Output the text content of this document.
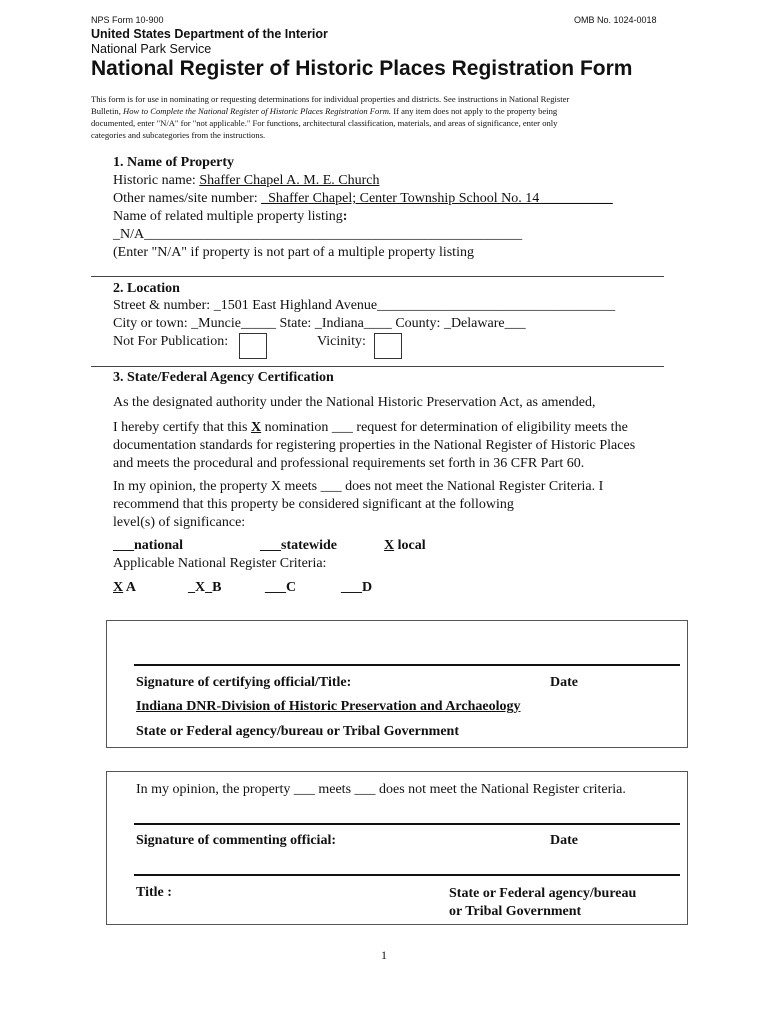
NPS Form 10-900	OMB No. 1024-0018
United States Department of the Interior
National Park Service
National Register of Historic Places Registration Form
This form is for use in nominating or requesting determinations for individual properties and districts. See instructions in National Register
Bulletin, How to Complete the National Register of Historic Places Registration Form. If any item does not apply to the property being
documented, enter "N/A" for "not applicable." For functions, architectural classification, materials, and areas of significance, enter only
categories and subcategories from the instructions.
1. Name of Property
Historic name: Shaffer Chapel A. M. E. Church
Other names/site number: _Shaffer Chapel; Center Township School No. 14 __________
Name of related multiple property listing:
_N/A______________________________________________________
(Enter "N/A" if property is not part of a multiple property listing
2. Location
Street & number: _1501 East Highland Avenue__________________________________
City or town: _Muncie_____ State: _Indiana____ County: _Delaware___
Not For Publication:	Vicinity:
3. State/Federal Agency Certification
As the designated authority under the National Historic Preservation Act, as amended,
I hereby certify that this X nomination ___ request for determination of eligibility meets the
documentation standards for registering properties in the National Register of Historic Places
and meets the procedural and professional requirements set forth in 36 CFR Part 60.
In my opinion, the property X meets ___ does not meet the National Register Criteria. I
recommend that this property be considered significant at the following
level(s) of significance:
___national	___statewide	X local
Applicable National Register Criteria:
X A	_X_B	___C	___D
Signature of certifying official/Title:	Date
Indiana DNR-Division of Historic Preservation and Archaeology
State or Federal agency/bureau or Tribal Government
In my opinion, the property ___ meets ___ does not meet the National Register criteria.
Signature of commenting official:	Date
Title :	State or Federal agency/bureau
or Tribal Government
1
